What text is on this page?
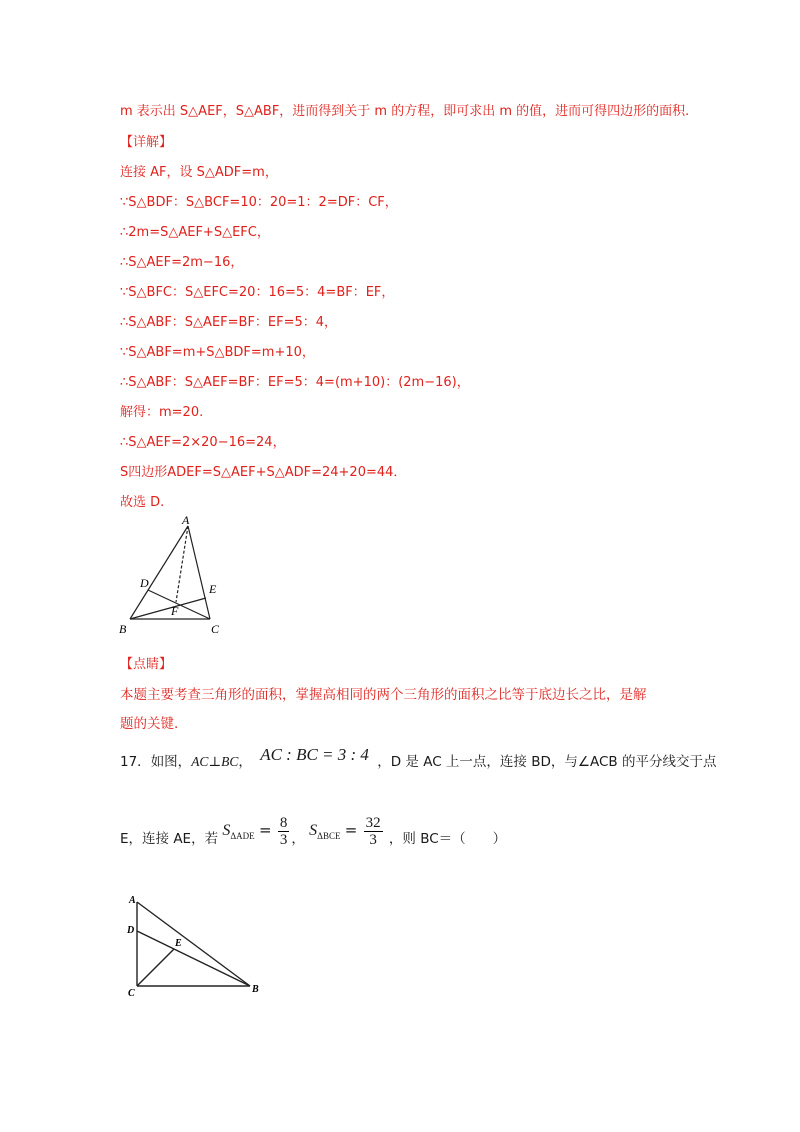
m 表示出 S△AEF，S△ABF，进而得到关于 m 的方程，即可求出 m 的值，进而可得四边形的面积.
【详解】
连接 AF，设 S△ADF=m，
∵S△BDF：S△BCF=10：20=1：2=DF：CF，
∴2m=S△AEF+S△EFC，
∴S△AEF=2m−16，
∵S△BFC：S△EFC=20：16=5：4=BF：EF，
∴S△ABF：S△AEF=BF：EF=5：4，
∵S△ABF=m+S△BDF=m+10，
∴S△ABF：S△AEF=BF：EF=5：4=(m+10)：(2m−16)，
解得：m=20.
∴S△AEF=2×20−16=24，
S四边形ADEF=S△AEF+S△ADF=24+20=44．
故选 D.
A
D	E
F
B	C
【点睛】
本题主要考查三角形的面积，掌握高相同的两个三角形的面积之比等于底边长之比，是解
题的关键.
17．如图，AC⊥BC， AC : BC = 3 : 4 ，D 是 AC 上一点，连接 BD，与∠ACB 的平分线交于点
E，连接 AE，若 $S_{\Delta ADE} = \frac{8}{3}$ ， $S_{\Delta BCE} = \frac{32}{3}$ ，则 BC＝（　　）
A
D
E
C	B
